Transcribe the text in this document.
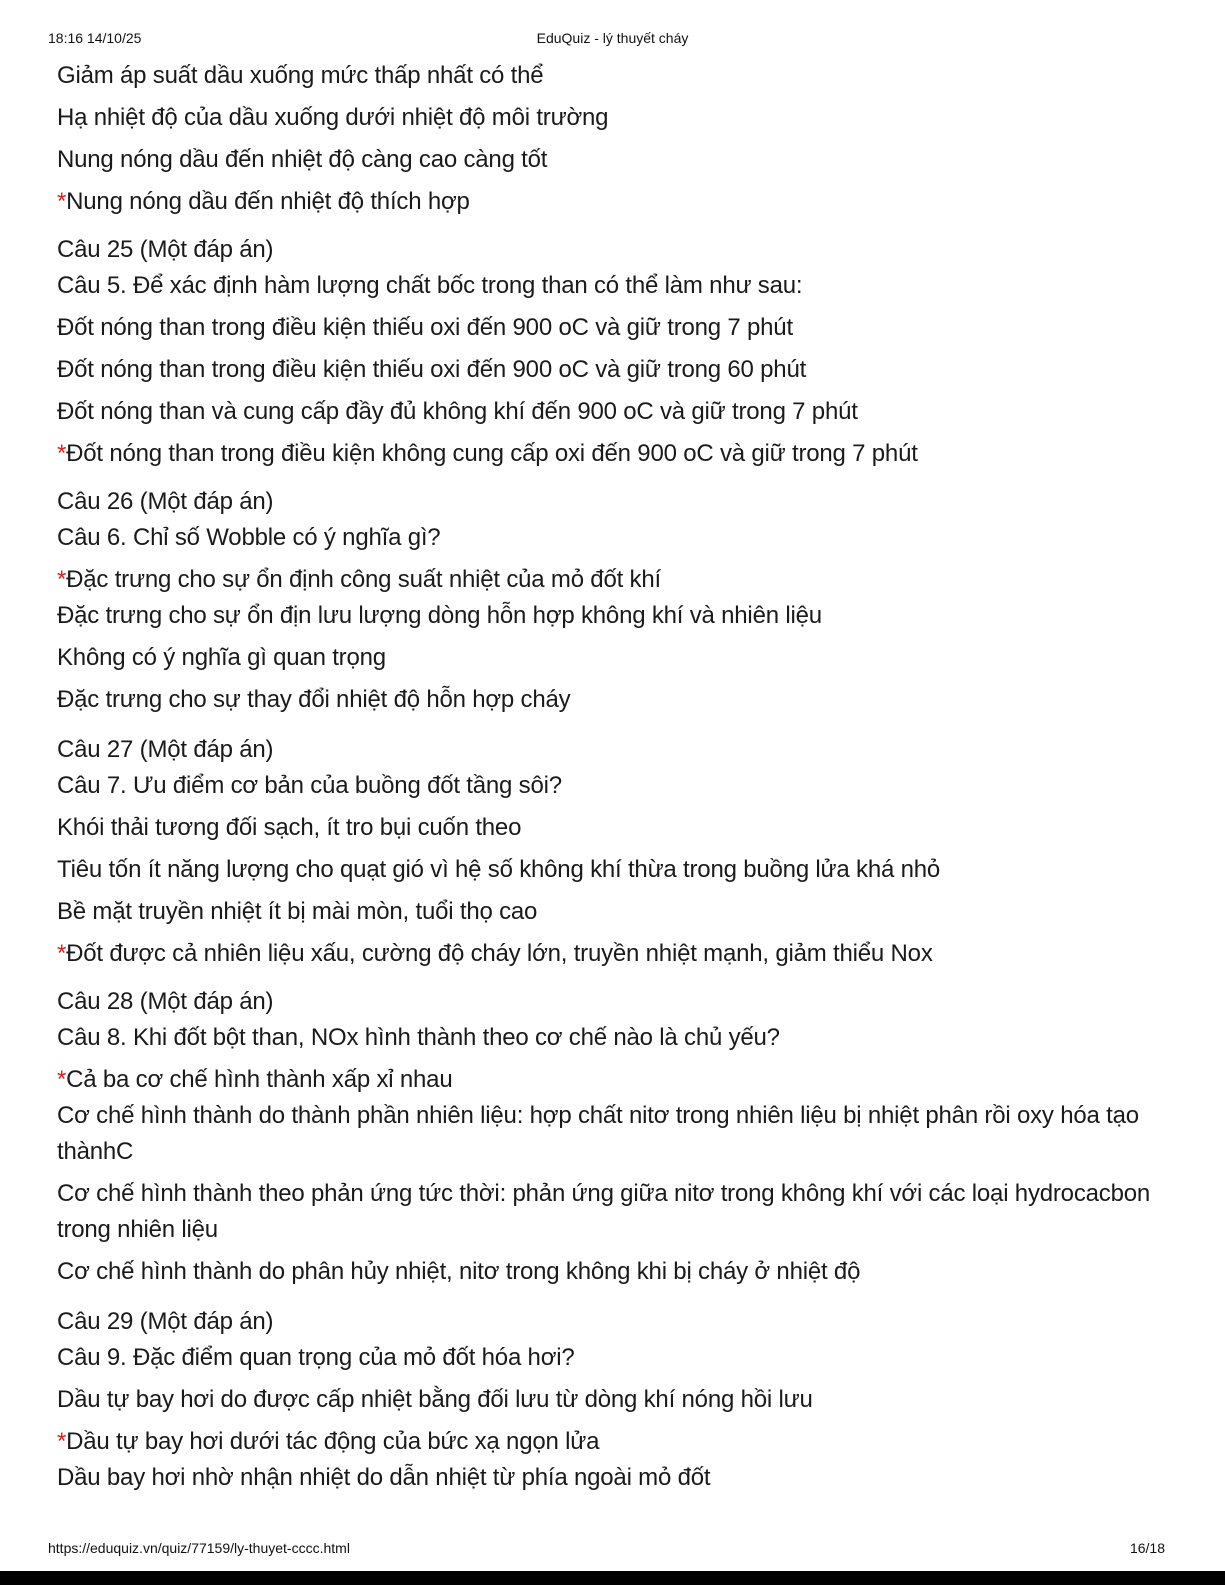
18:16 14/10/25	EduQuiz - lý thuyết cháy
Giảm áp suất dầu xuống mức thấp nhất có thể
Hạ nhiệt độ của dầu xuống dưới nhiệt độ môi trường
Nung nóng dầu đến nhiệt độ càng cao càng tốt
*Nung nóng dầu đến nhiệt độ thích hợp
Câu 25 (Một đáp án)
Câu 5. Để xác định hàm lượng chất bốc trong than có thể làm như sau:
Đốt nóng than trong điều kiện thiếu oxi đến 900 oC và giữ trong 7 phút
Đốt nóng than trong điều kiện thiếu oxi đến 900 oC và giữ trong 60 phút
Đốt nóng than và cung cấp đầy đủ không khí đến 900 oC và giữ trong 7 phút
*Đốt nóng than trong điều kiện không cung cấp oxi đến 900 oC và giữ trong 7 phút
Câu 26 (Một đáp án)
Câu 6. Chỉ số Wobble có ý nghĩa gì?
*Đặc trưng cho sự ổn định công suất nhiệt của mỏ đốt khí
Đặc trưng cho sự ổn địn lưu lượng dòng hỗn hợp không khí và nhiên liệu
Không có ý nghĩa gì quan trọng
Đặc trưng cho sự thay đổi nhiệt độ hỗn hợp cháy
Câu 27 (Một đáp án)
Câu 7. Ưu điểm cơ bản của buồng đốt tầng sôi?
Khói thải tương đối sạch, ít tro bụi cuốn theo
Tiêu tốn ít năng lượng cho quạt gió vì hệ số không khí thừa trong buồng lửa khá nhỏ
Bề mặt truyền nhiệt ít bị mài mòn, tuổi thọ cao
*Đốt được cả nhiên liệu xấu, cường độ cháy lớn, truyền nhiệt mạnh, giảm thiểu Nox
Câu 28 (Một đáp án)
Câu 8. Khi đốt bột than, NOx hình thành theo cơ chế nào là chủ yếu?
*Cả ba cơ chế hình thành xấp xỉ nhau
Cơ chế hình thành do thành phần nhiên liệu: hợp chất nitơ trong nhiên liệu bị nhiệt phân rồi oxy hóa tạo thànhC
Cơ chế hình thành theo phản ứng tức thời: phản ứng giữa nitơ trong không khí với các loại hydrocacbon trong nhiên liệu
Cơ chế hình thành do phân hủy nhiệt, nitơ trong không khi bị cháy ở nhiệt độ
Câu 29 (Một đáp án)
Câu 9. Đặc điểm quan trọng của mỏ đốt hóa hơi?
Dầu tự bay hơi do được cấp nhiệt bằng đối lưu từ dòng khí nóng hồi lưu
*Dầu tự bay hơi dưới tác động của bức xạ ngọn lửa
Dầu bay hơi nhờ nhận nhiệt do dẫn nhiệt từ phía ngoài mỏ đốt
https://eduquiz.vn/quiz/77159/ly-thuyet-cccc.html	16/18
